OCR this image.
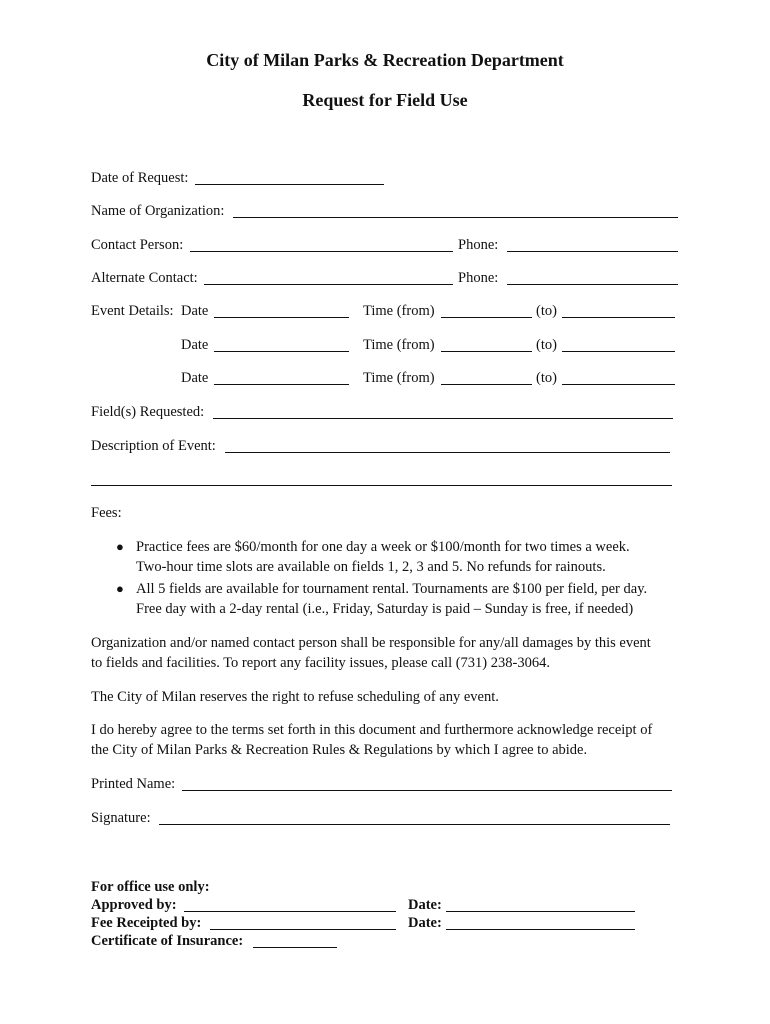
City of Milan Parks & Recreation Department
Request for Field Use
Date of Request:
Name of Organization:
Contact Person:	Phone:
Alternate Contact:	Phone:
Event Details: Date	Time (from)	(to)
Date	Time (from)	(to)
Date	Time (from)	(to)
Field(s) Requested:
Description of Event:
Fees:
● Practice fees are $60/month for one day a week or $100/month for two times a week.
Two-hour time slots are available on fields 1, 2, 3 and 5. No refunds for rainouts.
● All 5 fields are available for tournament rental. Tournaments are $100 per field, per day.
Free day with a 2-day rental (i.e., Friday, Saturday is paid – Sunday is free, if needed)
Organization and/or named contact person shall be responsible for any/all damages by this event
to fields and facilities. To report any facility issues, please call (731) 238-3064.
The City of Milan reserves the right to refuse scheduling of any event.
I do hereby agree to the terms set forth in this document and furthermore acknowledge receipt of
the City of Milan Parks & Recreation Rules & Regulations by which I agree to abide.
Printed Name:
Signature:
For office use only:
Approved by:	Date:
Fee Receipted by:	Date:
Certificate of Insurance:
